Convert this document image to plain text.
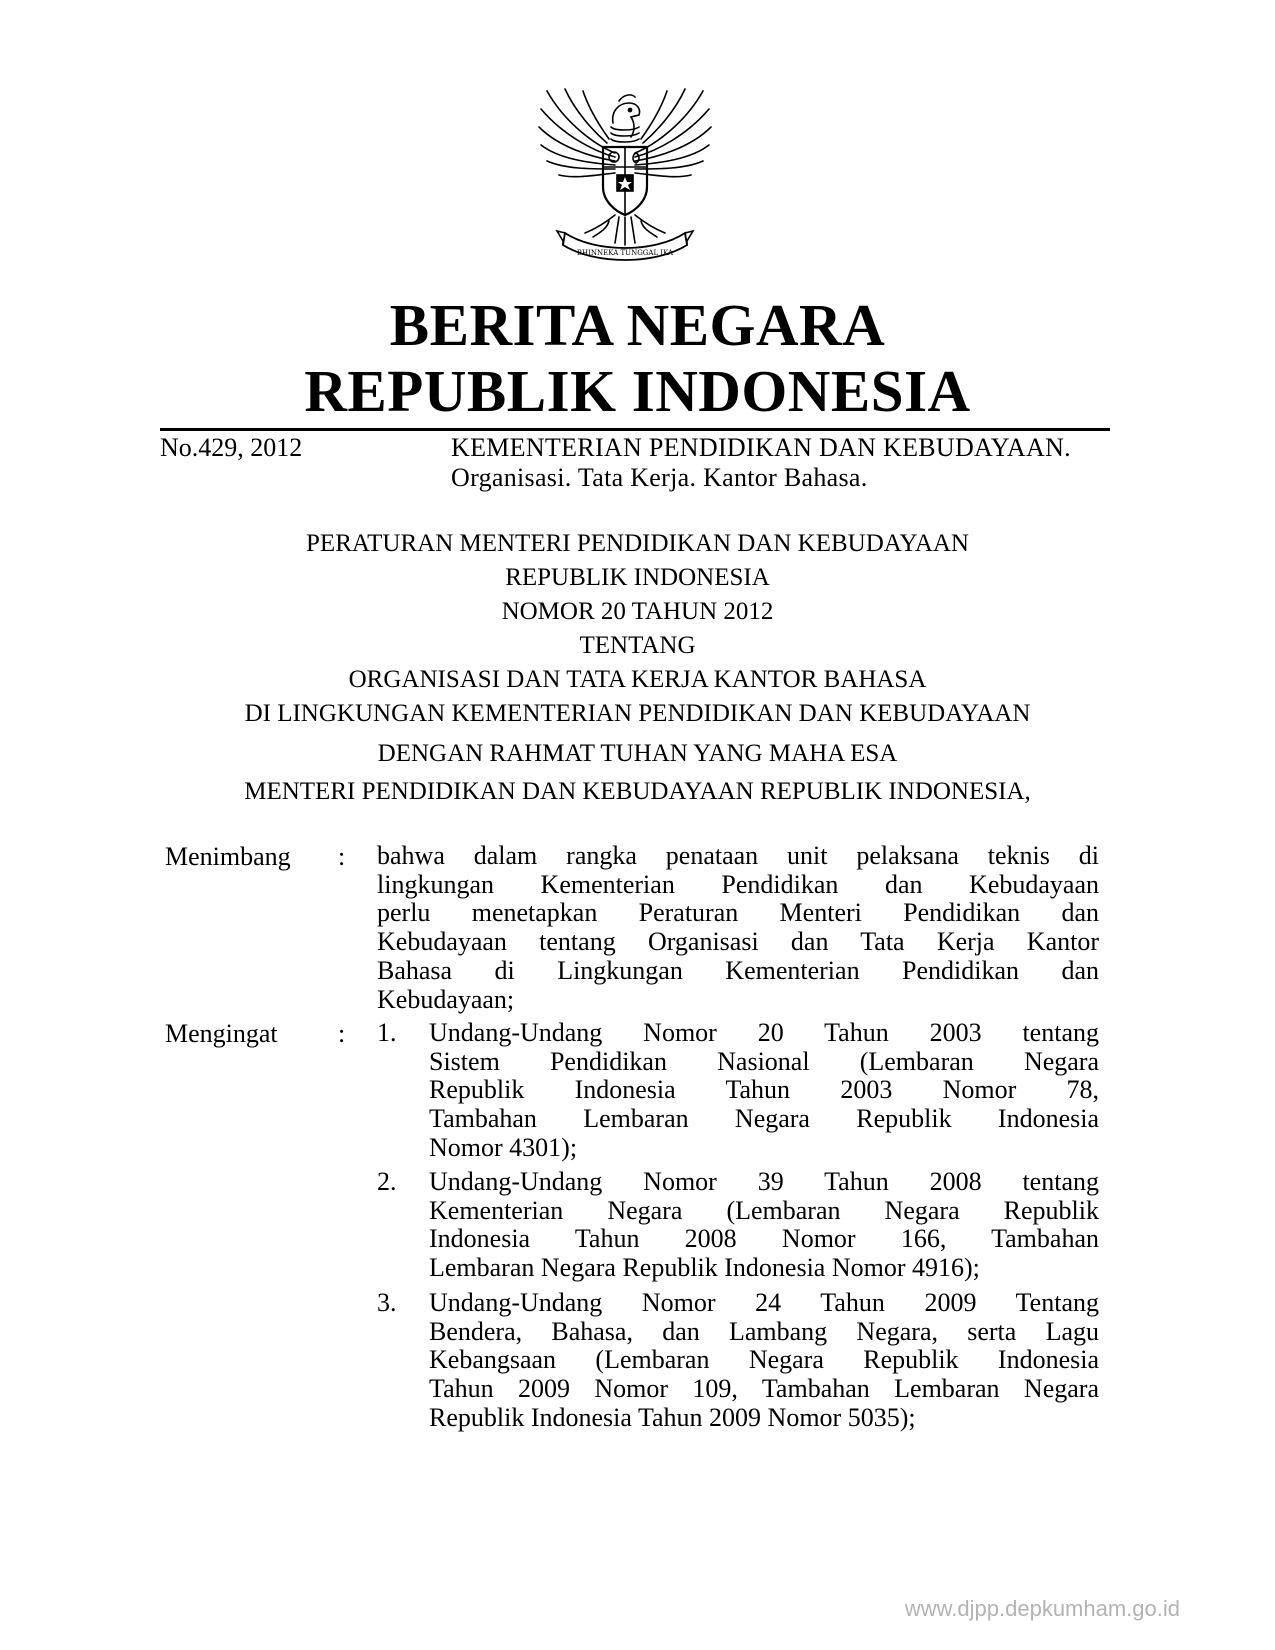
BHINNEKA TUNGGAL IKA
BERITA NEGARA
REPUBLIK INDONESIA
No.429, 2012	KEMENTERIAN PENDIDIKAN DAN KEBUDAYAAN.
Organisasi. Tata Kerja. Kantor Bahasa.
PERATURAN MENTERI PENDIDIKAN DAN KEBUDAYAAN
REPUBLIK INDONESIA
NOMOR 20 TAHUN 2012
TENTANG
ORGANISASI DAN TATA KERJA KANTOR BAHASA
DI LINGKUNGAN KEMENTERIAN PENDIDIKAN DAN KEBUDAYAAN
DENGAN RAHMAT TUHAN YANG MAHA ESA
MENTERI PENDIDIKAN DAN KEBUDAYAAN REPUBLIK INDONESIA,
Menimbang : bahwa dalam rangka penataan unit pelaksana teknis di
lingkungan Kementerian Pendidikan dan Kebudayaan
perlu menetapkan Peraturan Menteri Pendidikan dan
Kebudayaan tentang Organisasi dan Tata Kerja Kantor
Bahasa di Lingkungan Kementerian Pendidikan dan
Kebudayaan;
Mengingat : 1. Undang-Undang Nomor 20 Tahun 2003 tentang
Sistem Pendidikan Nasional (Lembaran Negara
Republik Indonesia Tahun 2003 Nomor 78,
Tambahan Lembaran Negara Republik Indonesia
Nomor 4301);
2. Undang-Undang Nomor 39 Tahun 2008 tentang
Kementerian Negara (Lembaran Negara Republik
Indonesia Tahun 2008 Nomor 166, Tambahan
Lembaran Negara Republik Indonesia Nomor 4916);
3. Undang-Undang Nomor 24 Tahun 2009 Tentang
Bendera, Bahasa, dan Lambang Negara, serta Lagu
Kebangsaan (Lembaran Negara Republik Indonesia
Tahun 2009 Nomor 109, Tambahan Lembaran Negara
Republik Indonesia Tahun 2009 Nomor 5035);
www.djpp.depkumham.go.id
